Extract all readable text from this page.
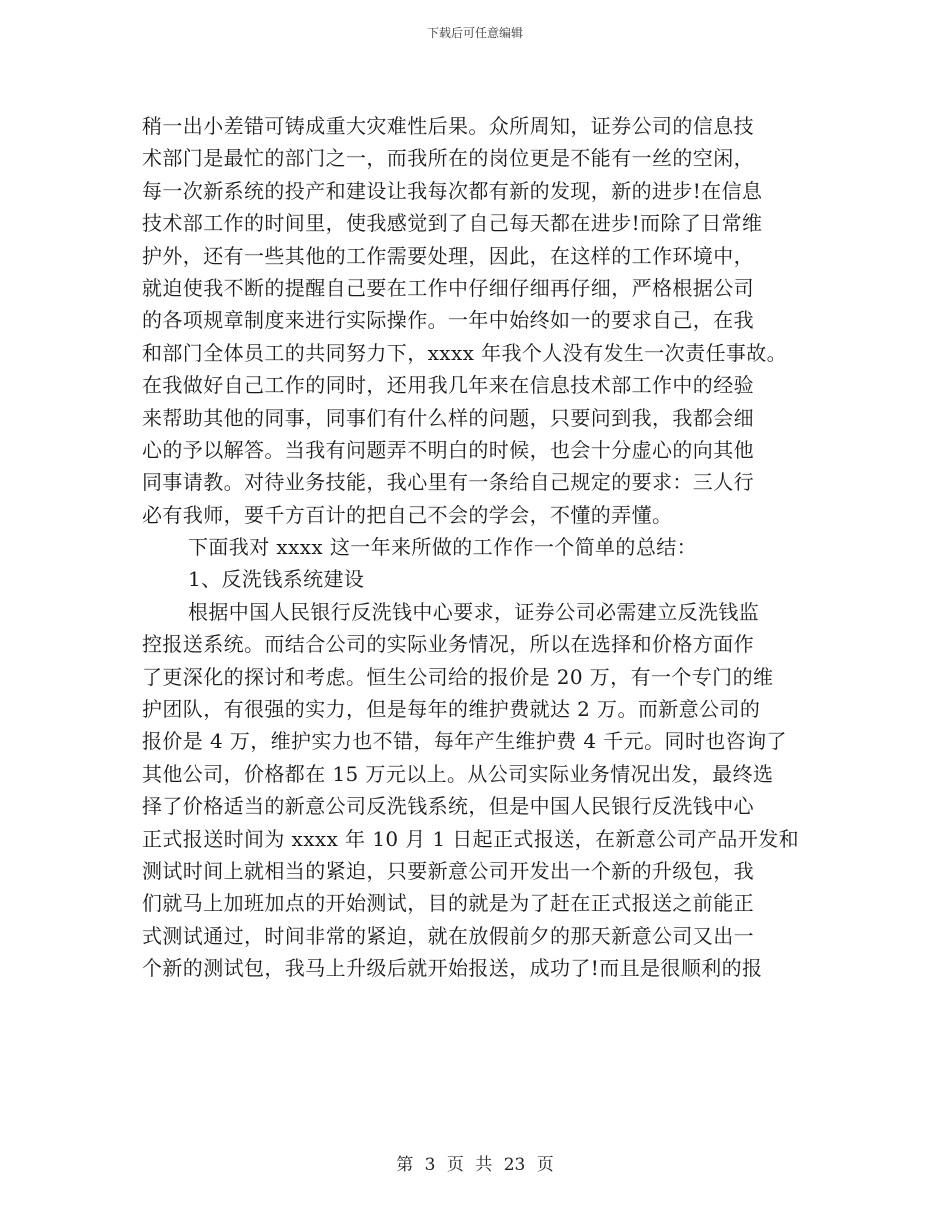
下载后可任意编辑
稍一出小差错可铸成重大灾难性后果。众所周知，证券公司的信息技
术部门是最忙的部门之一，而我所在的岗位更是不能有一丝的空闲，
每一次新系统的投产和建设让我每次都有新的发现，新的进步!在信息
技术部工作的时间里，使我感觉到了自己每天都在进步!而除了日常维
护外，还有一些其他的工作需要处理，因此，在这样的工作环境中，
就迫使我不断的提醒自己要在工作中仔细仔细再仔细，严格根据公司
的各项规章制度来进行实际操作。一年中始终如一的要求自己，在我
和部门全体员工的共同努力下，xxxx 年我个人没有发生一次责任事故。
在我做好自己工作的同时，还用我几年来在信息技术部工作中的经验
来帮助其他的同事，同事们有什么样的问题，只要问到我，我都会细
心的予以解答。当我有问题弄不明白的时候，也会十分虚心的向其他
同事请教。对待业务技能，我心里有一条给自己规定的要求：三人行
必有我师，要千方百计的把自己不会的学会，不懂的弄懂。
下面我对 xxxx 这一年来所做的工作作一个简单的总结：
1、反洗钱系统建设
根据中国人民银行反洗钱中心要求，证券公司必需建立反洗钱监
控报送系统。而结合公司的实际业务情况，所以在选择和价格方面作
了更深化的探讨和考虑。恒生公司给的报价是 20 万，有一个专门的维
护团队，有很强的实力，但是每年的维护费就达 2 万。而新意公司的
报价是 4 万，维护实力也不错，每年产生维护费 4 千元。同时也咨询了
其他公司，价格都在 15 万元以上。从公司实际业务情况出发，最终选
择了价格适当的新意公司反洗钱系统，但是中国人民银行反洗钱中心
正式报送时间为 xxxx 年 10 月 1 日起正式报送，在新意公司产品开发和
测试时间上就相当的紧迫，只要新意公司开发出一个新的升级包，我
们就马上加班加点的开始测试，目的就是为了赶在正式报送之前能正
式测试通过，时间非常的紧迫，就在放假前夕的那天新意公司又出一
个新的测试包，我马上升级后就开始报送，成功了!而且是很顺利的报
第 3 页 共 23 页
